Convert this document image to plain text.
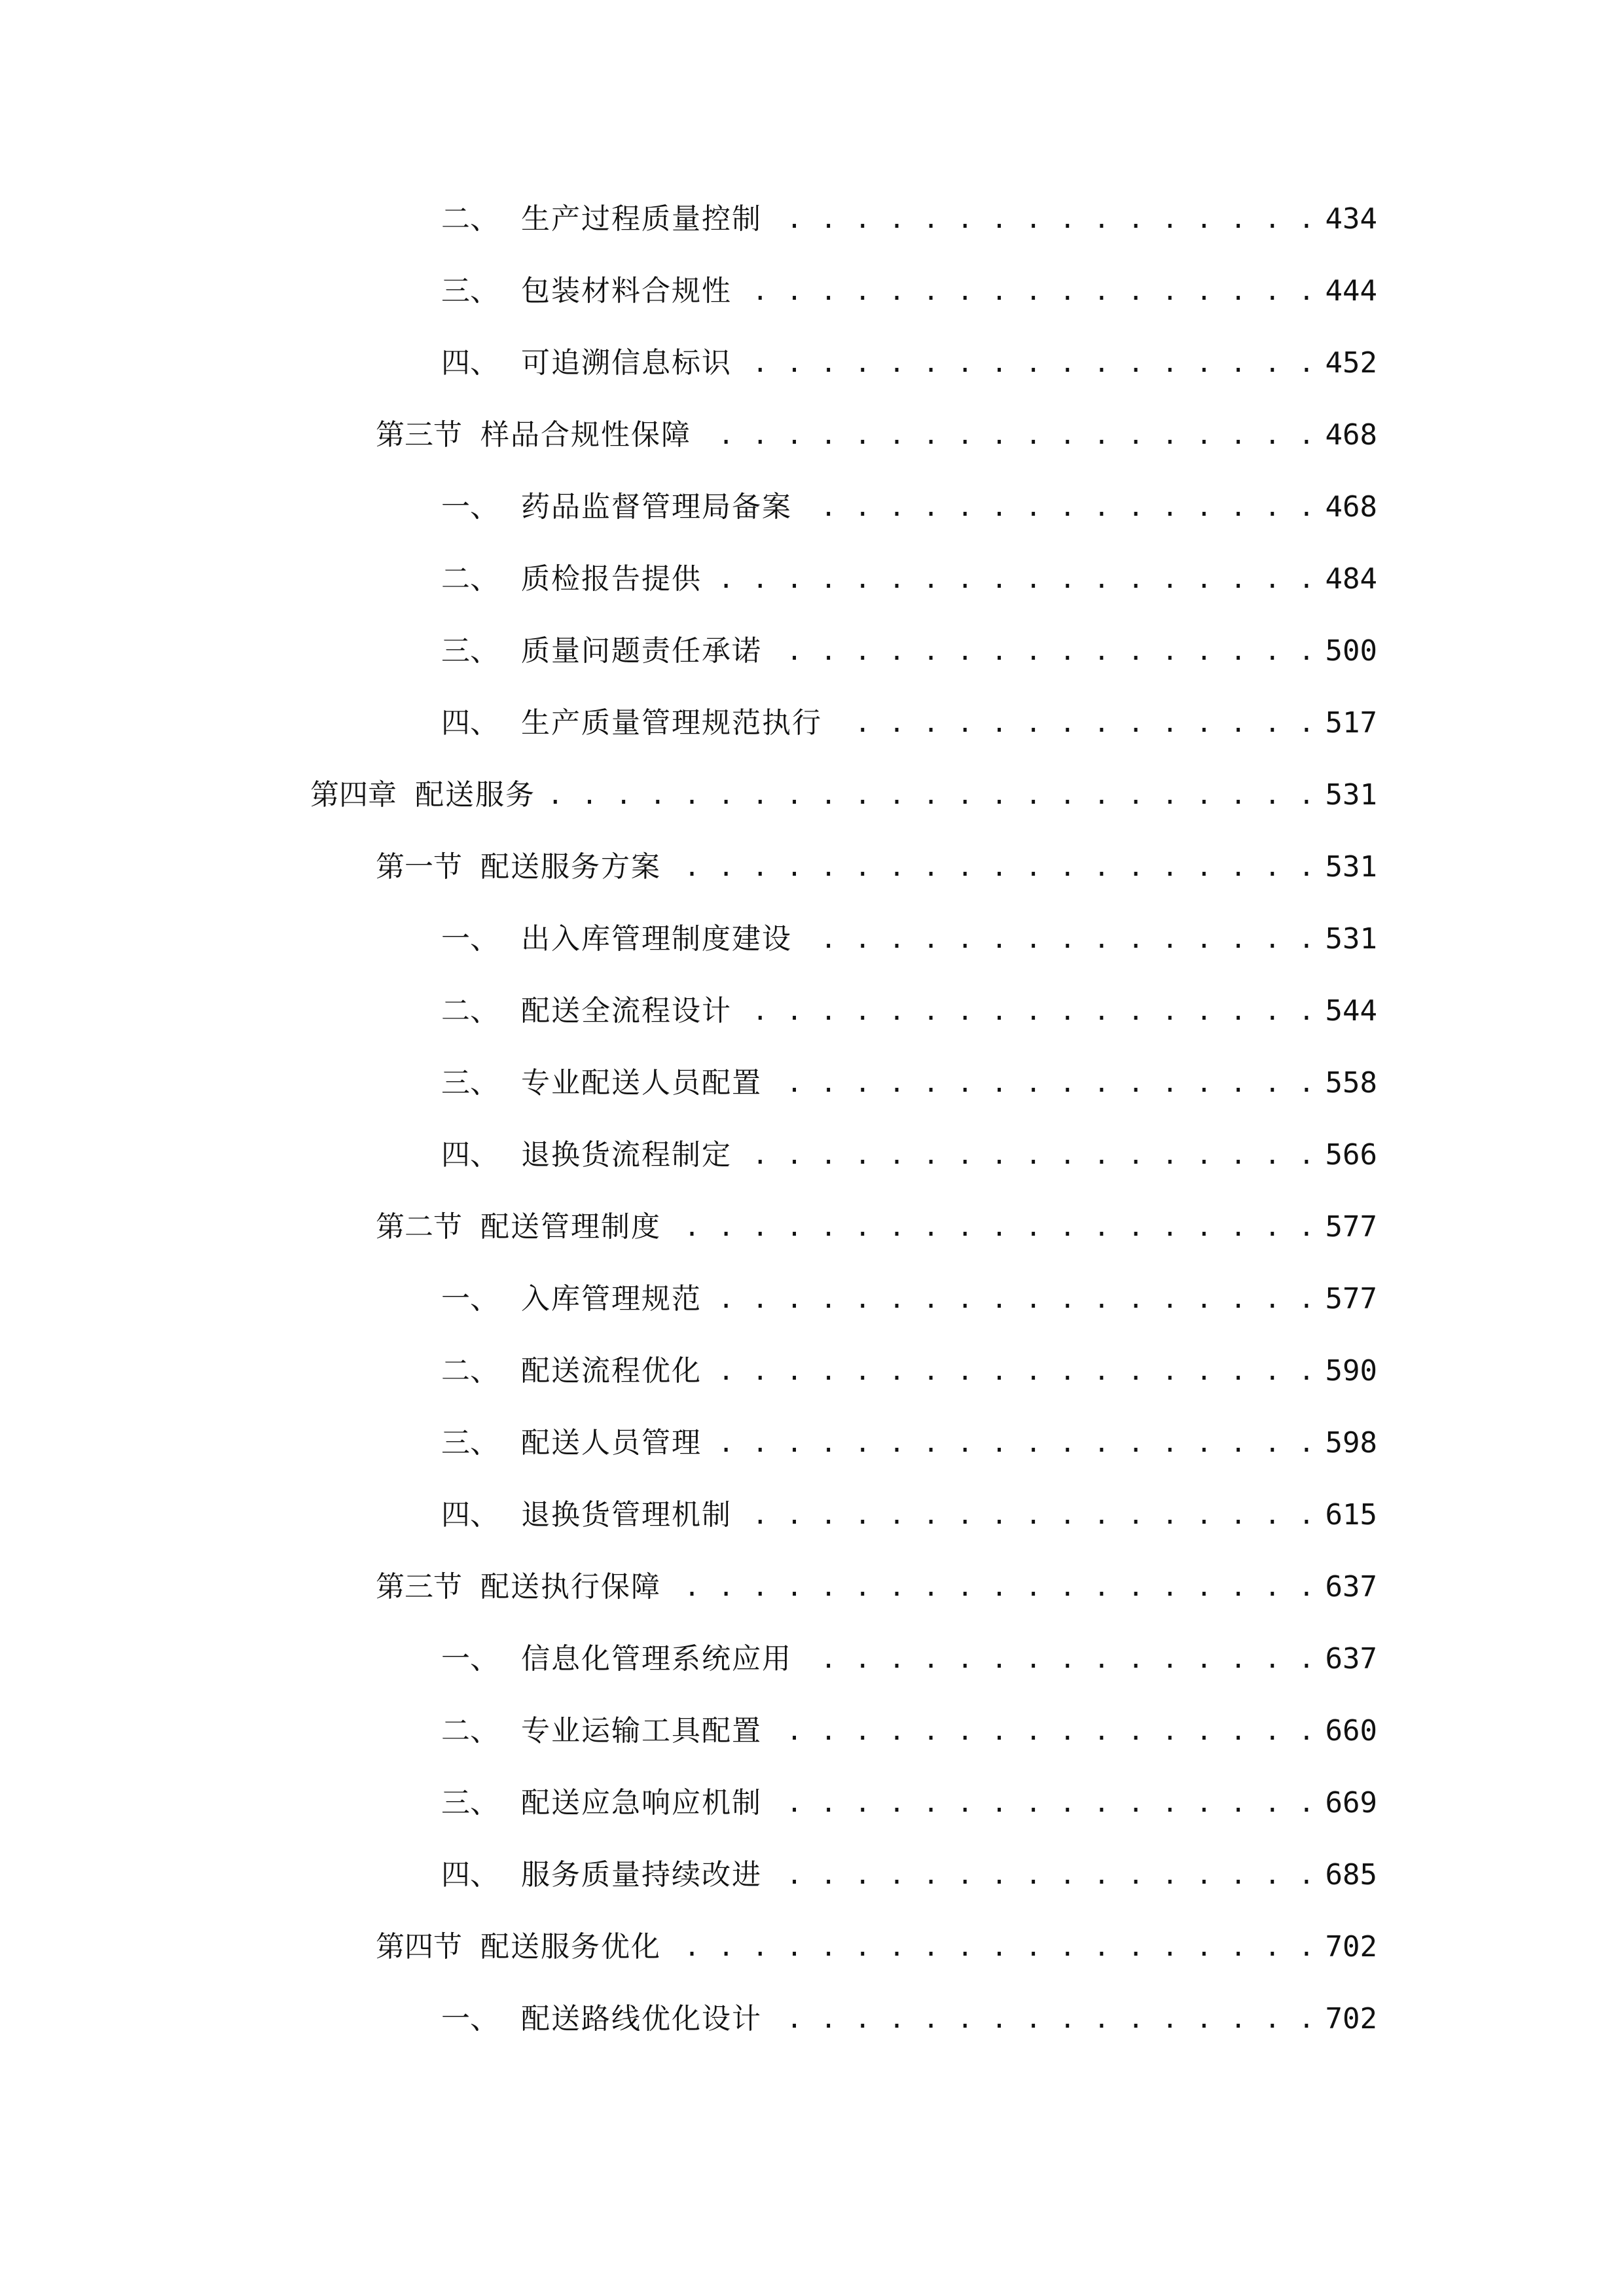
二、 生产过程质量控制 . . .	434
三、 包装材料合规性 . . .	444
四、 可追溯信息标识 . . .	452
第三节 样品合规性保障 . . .	468
一、 药品监督管理局备案 . . .	468
二、 质检报告提供 . . .	484
三、 质量问题责任承诺 . . .	500
四、 生产质量管理规范执行 . . .	517
第四章 配送服务 . . .	531
第一节 配送服务方案 . . .	531
一、 出入库管理制度建设 . . .	531
二、 配送全流程设计 . . .	544
三、 专业配送人员配置 . . .	558
四、 退换货流程制定 . . .	566
第二节 配送管理制度 . . .	577
一、 入库管理规范 . . .	577
二、 配送流程优化 . . .	590
三、 配送人员管理 . . .	598
四、 退换货管理机制 . . .	615
第三节 配送执行保障 . . .	637
一、 信息化管理系统应用 . . .	637
二、 专业运输工具配置 . . .	660
三、 配送应急响应机制 . . .	669
四、 服务质量持续改进 . . .	685
第四节 配送服务优化 . . .	702
一、 配送路线优化设计 . . .	702
